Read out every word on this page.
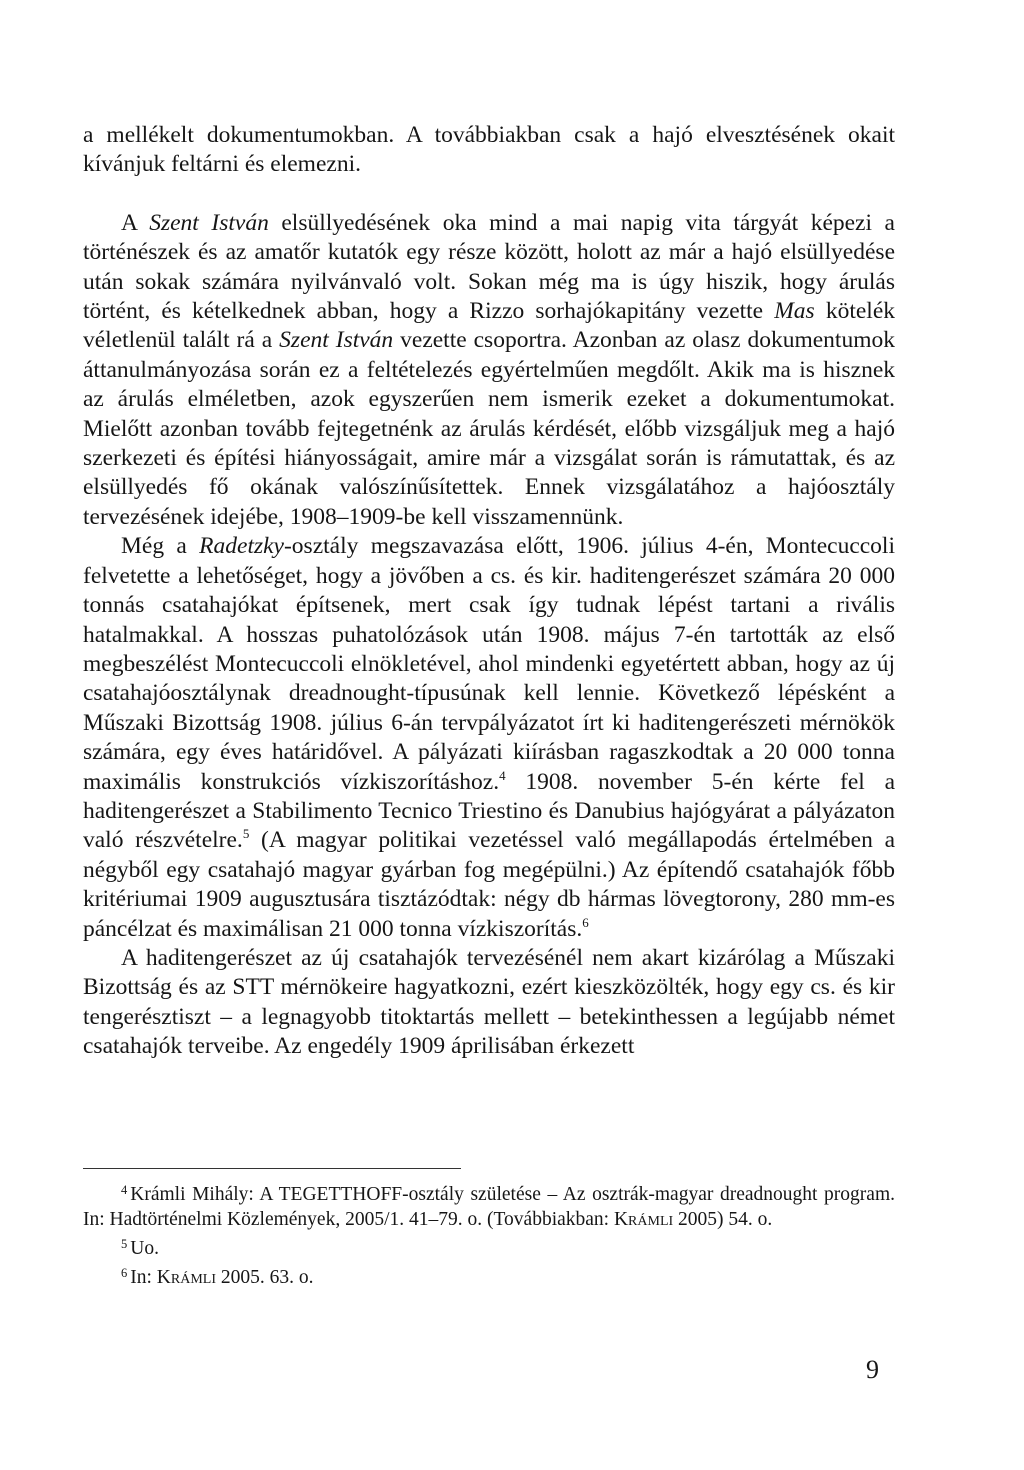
a mellékelt dokumentumokban. A továbbiakban csak a hajó elvesztésének okait kívánjuk feltárni és elemezni.

A Szent István elsüllyedésének oka mind a mai napig vita tárgyát képezi a történészek és az amatőr kutatók egy része között, holott az már a hajó elsüllyedése után sokak számára nyilvánvaló volt. Sokan még ma is úgy hiszik, hogy árulás történt, és kételkednek abban, hogy a Rizzo sorhajókapitány vezette Mas kötelék véletlenül talált rá a Szent István vezette csoportra. Azonban az olasz dokumentumok áttanulmányozása során ez a feltételezés egyértelműen megdőlt. Akik ma is hisznek az árulás elméletben, azok egyszerűen nem ismerik ezeket a dokumentumokat. Mielőtt azonban tovább fejtegetnénk az árulás kérdését, előbb vizsgáljuk meg a hajó szerkezeti és építési hiányosságait, amire már a vizsgálat során is rámutattak, és az elsüllyedés fő okának valószínűsítettek. Ennek vizsgálatához a hajóosztály tervezésének idejébe, 1908–1909-be kell visszamennünk.

Még a Radetzky-osztály megszavazása előtt, 1906. július 4-én, Montecuccoli felvetette a lehetőséget, hogy a jövőben a cs. és kir. haditengerészet számára 20 000 tonnás csatahajókat építsenek, mert csak így tudnak lépést tartani a rivális hatalmakkal. A hosszas puhatolózások után 1908. május 7-én tartották az első megbeszélést Montecuccoli elnökletével, ahol mindenki egyetértett abban, hogy az új csatahajóosztálynak dreadnought-típusúnak kell lennie. Következő lépésként a Műszaki Bizottság 1908. július 6-án tervpályázatot írt ki haditengerészeti mérnökök számára, egy éves határidővel. A pályázati kiírásban ragaszkodtak a 20 000 tonna maximális konstrukciós vízkiszorításhoz.$^4$ 1908. november 5-én kérte fel a haditengerészet a Stabilimento Tecnico Triestino és Danubius hajógyárat a pályázaton való részvételre.$^5$ (A magyar politikai vezetéssel való megállapodás értelmében a négyből egy csatahajó magyar gyárban fog megépülni.) Az építendő csatahajók főbb kritériumai 1909 augusztusára tisztázódtak: négy db hármas lövegtorony, 280 mm-es páncélzat és maximálisan 21 000 tonna vízkiszorítás.$^6$

A haditengerészet az új csatahajók tervezésénél nem akart kizárólag a Műszaki Bizottság és az STT mérnökeire hagyatkozni, ezért kieszközölték, hogy egy cs. és kir tengerésztiszt – a legnagyobb titoktartás mellett – betekinthessen a legújabb német csatahajók terveibe. Az engedély 1909 áprilisában érkezett

$^4$ Krámli Mihály: A TEGETTHOFF-osztály születése – Az osztrák-magyar dreadnought program. In: Hadtörténelmi Közlemények, 2005/1. 41–79. o. (Továbbiakban: Krámli 2005) 54. o.

$^5$ Uo.

$^6$ In: Krámli 2005. 63. o.

9
